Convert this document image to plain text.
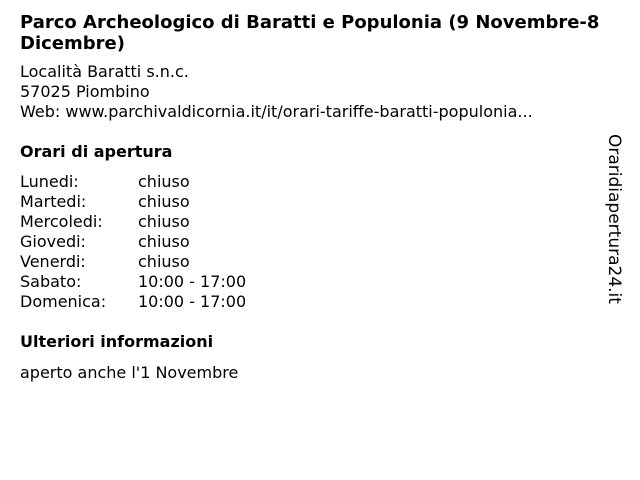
Parco Archeologico di Baratti e Populonia (9 Novembre-8 Dicembre)
Località Baratti s.n.c.
57025 Piombino
Web: www.parchivaldicornia.it/it/orari-tariffe-baratti-populonia...
Orari di apertura
Lunedi:	chiuso
Martedi:	chiuso
Mercoledi:	chiuso
Giovedi:	chiuso
Venerdi:	chiuso
Sabato:	10:00 - 17:00
Domenica:	10:00 - 17:00
Ulteriori informazioni
aperto anche l'1 Novembre
Oraridiapertura24.it
